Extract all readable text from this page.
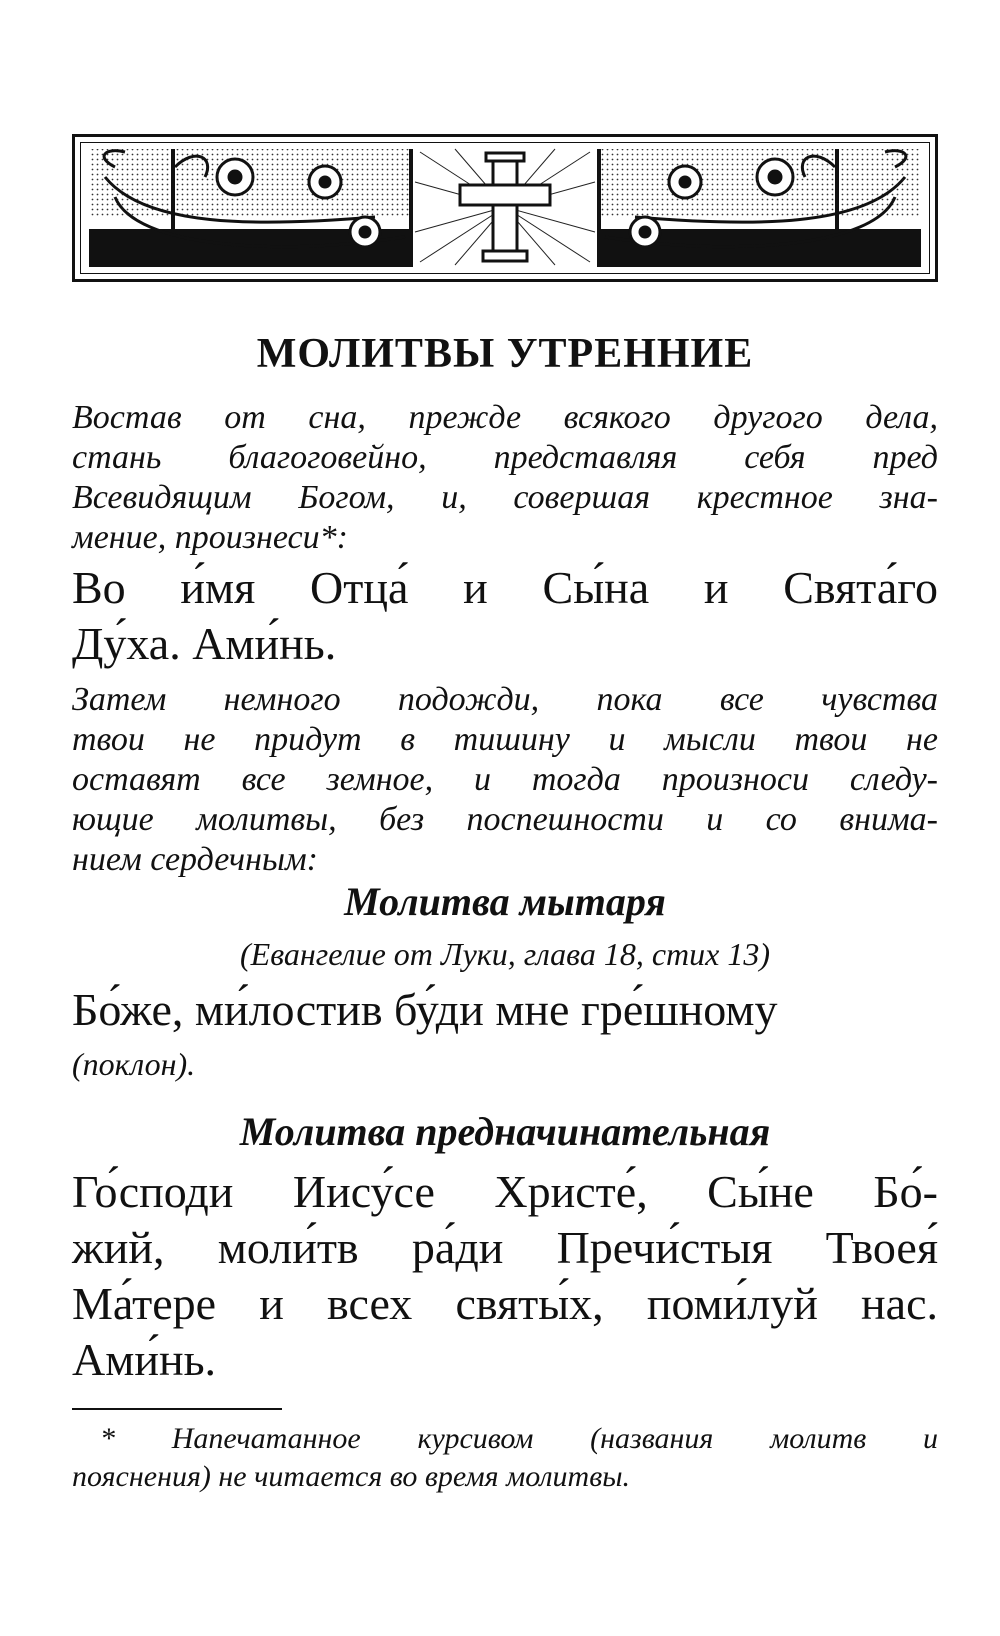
МОЛИТВЫ УТРЕННИЕ
Востав от сна, прежде всякого другого дела,
стань благоговейно, представляя себя пред
Всевидящим Богом, и, совершая крестное зна-
мение, произнеси*:
Во и́мя Отца́ и Сы́на и Свята́го
Ду́ха. Ами́нь.
Затем немного подожди, пока все чувства
твои не придут в тишину и мысли твои не
оставят все земное, и тогда произноси следу-
ющие молитвы, без поспешности и со внима-
нием сердечным:
Молитва мытаря
(Евангелие от Луки, глава 18, стих 13)
Бо́же, ми́лостив бу́ди мне гре́шному
(поклон).
Молитва предначинательная
Го́споди Иису́се Христе́, Сы́не Бо́-
жий, моли́тв ра́ди Пречи́стыя Твоея́
Ма́тере и всех святы́х, поми́луй нас.
Ами́нь.
* Напечатанное курсивом (названия молитв и
пояснения) не читается во время молитвы.
